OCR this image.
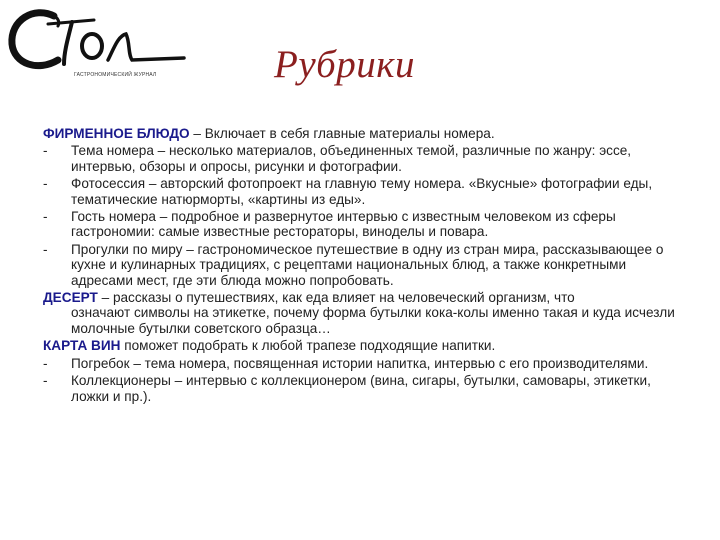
ГАСТРОНОМИЧЕСКИЙ ЖУРНАЛ	Рубрики
ФИРМЕННОЕ БЛЮДО – Включает в себя главные материалы номера.
-	Тема номера – несколько материалов, объединенных темой, различные по жанру: эссе, интервью, обзоры и опросы, рисунки и фотографии.
-	Фотосессия – авторский фотопроект на главную тему номера. «Вкусные» фотографии еды, тематические натюрморты, «картины из еды».
-	Гость номера – подробное и развернутое интервью с известным человеком из сферы гастрономии: самые известные рестораторы, виноделы и повара.
-	Прогулки по миру – гастрономическое путешествие в одну из стран мира, рассказывающее о кухне и кулинарных традициях, с рецептами национальных блюд, а также конкретными адресами мест, где эти блюда можно попробовать.
ДЕСЕРТ – рассказы о путешествиях, как еда влияет на человеческий организм, что
означают символы на этикетке, почему форма бутылки кока-колы именно такая и куда исчезли молочные бутылки советского образца…
КАРТА ВИН поможет подобрать к любой трапезе подходящие напитки.
-	Погребок – тема номера, посвященная истории напитка, интервью с его производителями.
-	Коллекционеры – интервью с коллекционером (вина, сигары, бутылки, самовары, этикетки, ложки и пр.).
